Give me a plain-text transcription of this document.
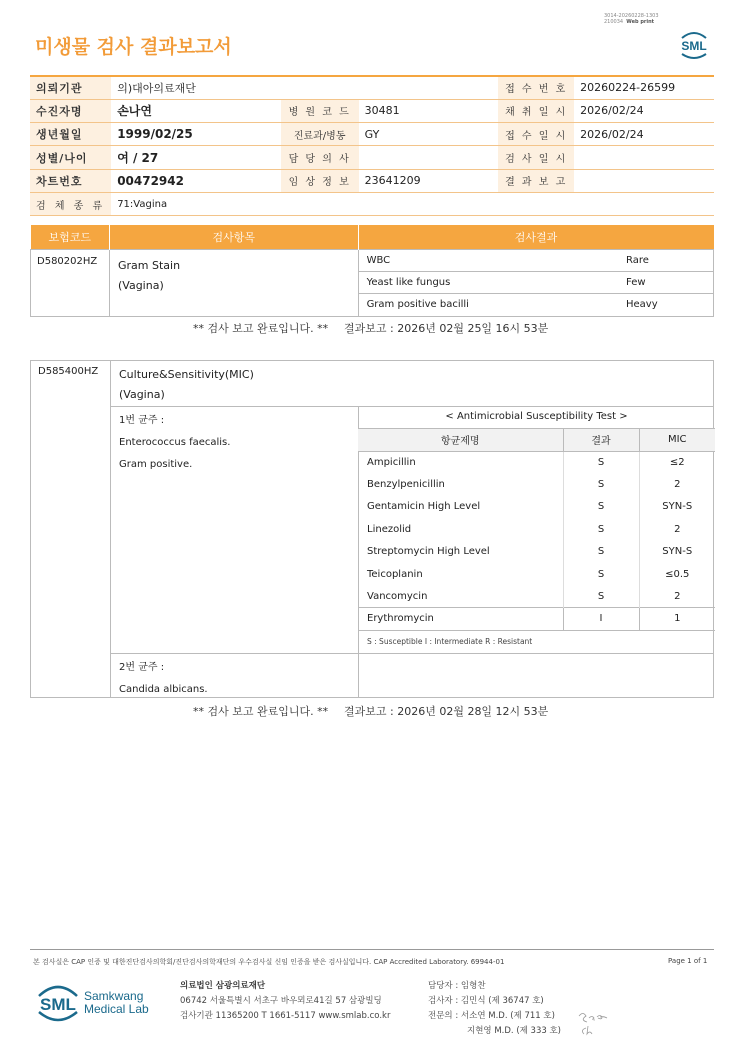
미생물 검사 결과보고서
3014-20260228-1303
210034 Web print
SML
의뢰기관	의)대아의료재단			접 수 번 호	20260224-26599
수진자명	손나연	병 원 코 드	30481	채 취 일 시	2026/02/24
생년월일	1999/02/25	진료과/병동	GY	접 수 일 시	2026/02/24
성별/나이	여 / 27	담 당 의 사		검 사 일 시	
차트번호	00472942	임 상 정 보	23641209	결 과 보 고	
검 체 종 류	71:Vagina				
보험코드	검사항목	검사결과
D580202HZ	Gram Stain
(Vagina)

WBC	Rare
Yeast like fungus	Few
Gram positive bacilli	Heavy
** 검사 보고 완료입니다. ** 결과보고 : 2026년 02월 25일 16시 53분
D585400HZ Culture&Sensitivity(MIC)
(Vagina)
1번 균주 :
Enterococcus faecalis.
Gram positive.
< Antimicrobial Susceptibility Test >		
항균제명	결과	MIC
Ampicillin	S	≤2
Benzylpenicillin	S	2
Gentamicin High Level	S	SYN-S
Linezolid	S	2
Streptomycin High Level	S	SYN-S
Teicoplanin	S	≤0.5
Vancomycin	S	2
Erythromycin	I	1
S : Susceptible I : Intermediate R : Resistant		
2번 균주 :
Candida albicans.
** 검사 보고 완료입니다. ** 결과보고 : 2026년 02월 28일 12시 53분
본 검사실은 CAP 인증 및 대한진단검사의학회/진단검사의학재단의 우수검사실 신임 인증을 받은 검사실입니다. CAP Accredited Laboratory. 69944-01	Page 1 of 1
SML Samkwang
Medical Lab
의료법인 삼광의료재단
06742 서울특별시 서초구 바우뫼로41길 57 삼광빌딩
검사기관 11365200 T 1661-5117 www.smlab.co.kr
담당자 : 임형찬
검사자 : 김민식 (제 36747 호)
전문의 : 서소연 M.D. (제 711 호)
지현영 M.D. (제 333 호)
